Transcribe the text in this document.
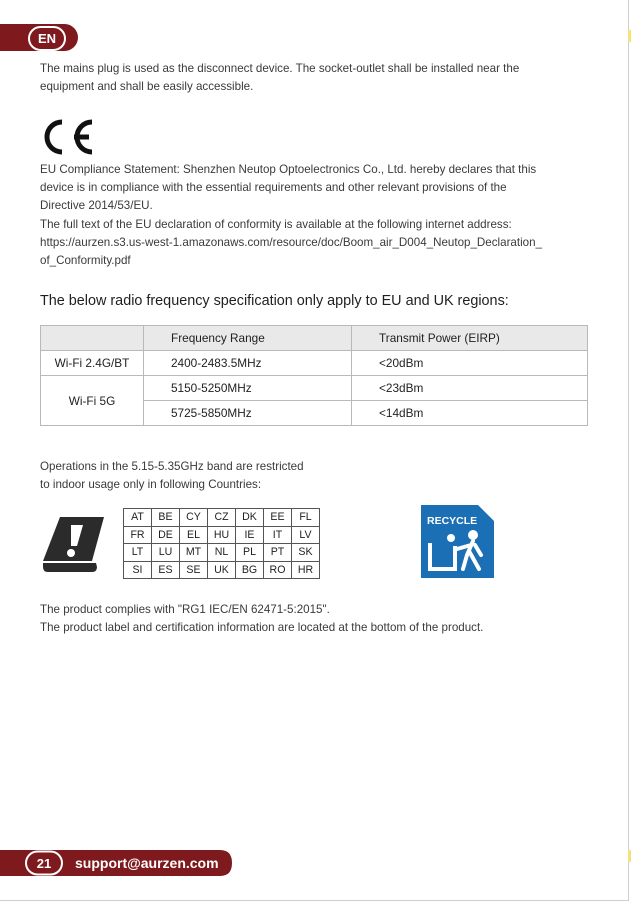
EN

The mains plug is used as the disconnect device. The socket-outlet shall be installed near the
equipment and shall be easily accessible.

EU Compliance Statement: Shenzhen Neutop Optoelectronics Co., Ltd. hereby declares that this
device is in compliance with the essential requirements and other relevant provisions of the
Directive 2014/53/EU.
The full text of the EU declaration of conformity is available at the following internet address:
https://aurzen.s3.us-west-1.amazonaws.com/resource/doc/Boom_air_D004_Neutop_Declaration_
of_Conformity.pdf

The below radio frequency specification only apply to EU and UK regions:
	Frequency Range	Transmit Power (EIRP)
Wi-Fi 2.4G/BT	2400-2483.5MHz	<20dBm
Wi-Fi 5G	5150-5250MHz	<23dBm
	5725-5850MHz	<14dBm

Operations in the 5.15-5.35GHz band are restricted
to indoor usage only in following Countries:

AT	BE	CY	CZ	DK	EE	FL
FR	DE	EL	HU	IE	IT	LV
LT	LU	MT	NL	PL	PT	SK
SI	ES	SE	UK	BG	RO	HR
RECYCLE

The product complies with "RG1 IEC/EN 62471-5:2015".
The product label and certification information are located at the bottom of the product.

21 support@aurzen.com
